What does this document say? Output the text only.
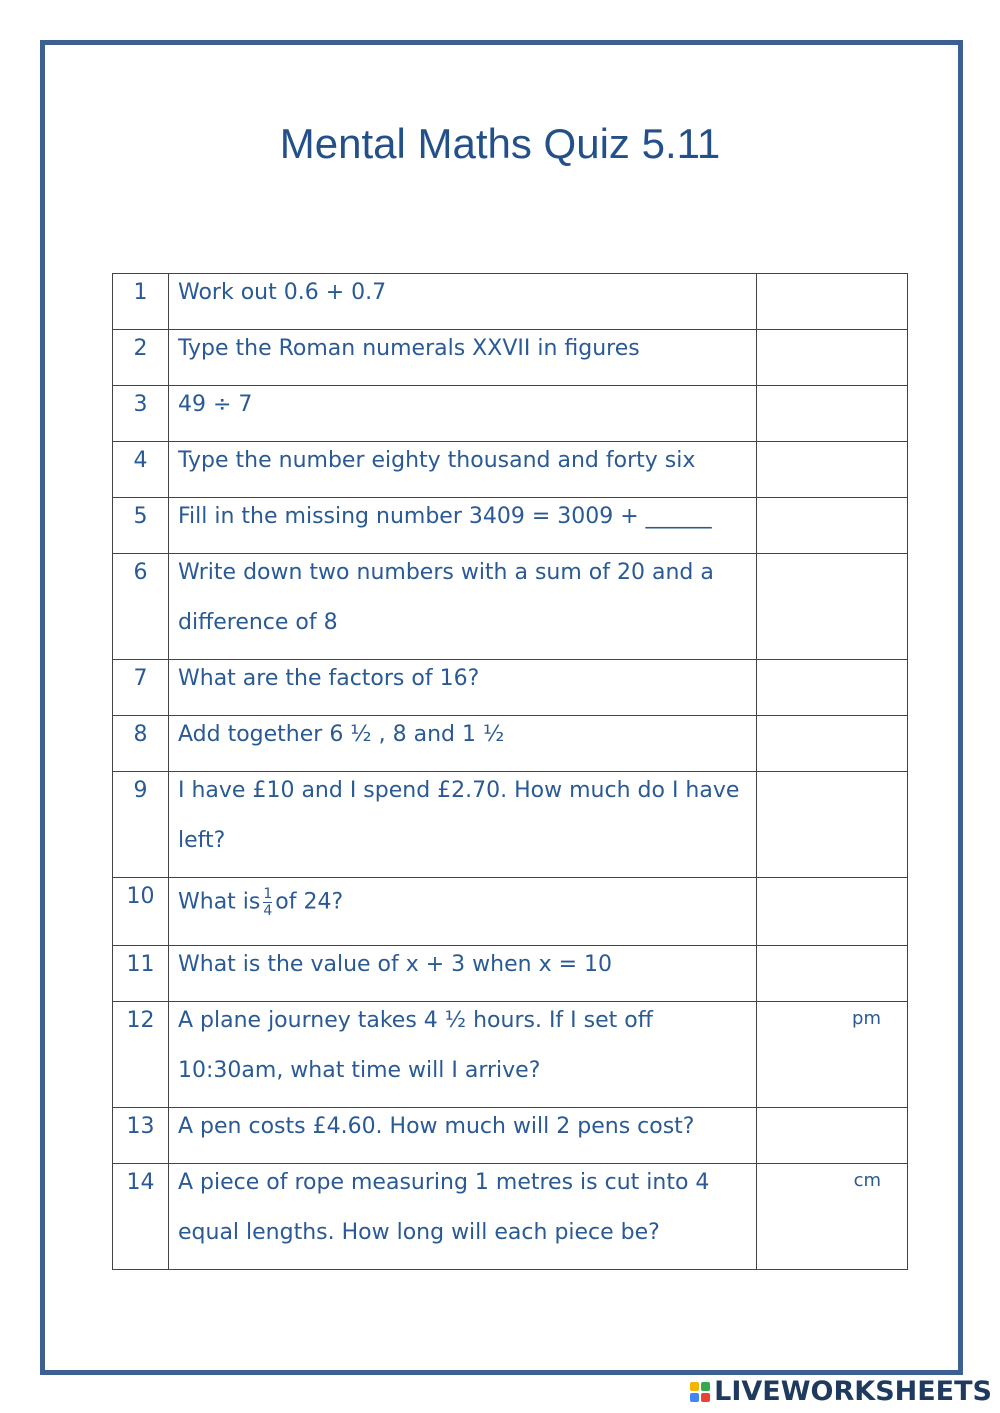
Mental Maths Quiz 5.11
1	Work out 0.6 + 0.7	

2	Type the Roman numerals XXVII in figures	

3	49 ÷ 7	

4	Type the number eighty thousand and forty six	

5	Fill in the missing number 3409 = 3009 + ______	

6	Write down two numbers with a sum of 20 and a
difference of 8	

7	What are the factors of 16?	

8	Add together 6 ½ , 8 and 1 ½	

9	I have £10 and I spend £2.70. How much do I have
left?	

10	What is $\frac{1}{4}$ of 24?	

11	What is the value of x + 3 when x = 10	

12	A plane journey takes 4 ½ hours. If I set off
10:30am, what time will I arrive?	pm

13	A pen costs £4.60. How much will 2 pens cost?	

14	A piece of rope measuring 1 metres is cut into 4
equal lengths. How long will each piece be?	cm
LIVEWORKSHEETS
